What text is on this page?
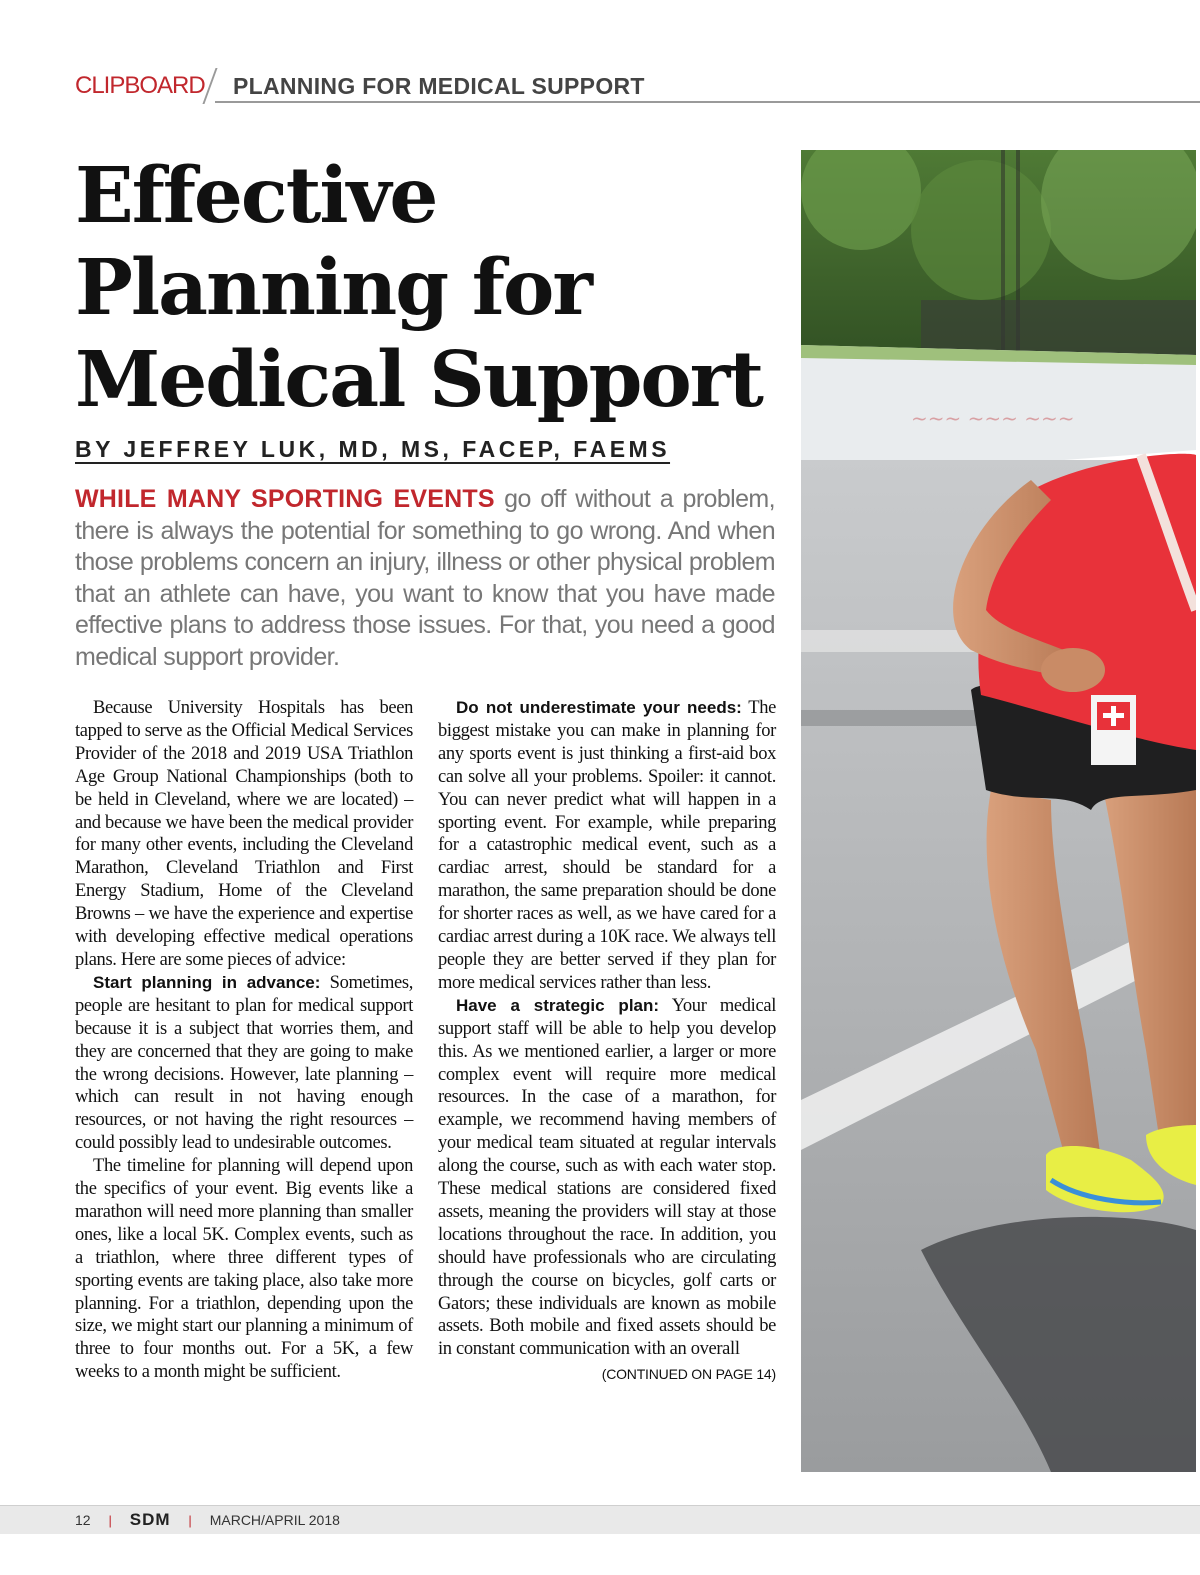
CLIPBOARD PLANNING FOR MEDICAL SUPPORT
Effective
Planning for
Medical Support
BY JEFFREY LUK, MD, MS, FACEP, FAEMS

WHILE MANY SPORTING EVENTS go off without a problem, there is always the potential for something to go wrong. And when those problems concern an injury, illness or other physical problem that an athlete can have, you want to know that you have made effective plans to address those issues. For that, you need a good medical support provider.

Because University Hospitals has been tapped to serve as the Official Medical Services Provider of the 2018 and 2019 USA Triathlon Age Group National Championships (both to be held in Cleveland, where we are located) – and because we have been the medical provider for many other events, including the Cleveland Marathon, Cleveland Triathlon and First Energy Stadium, Home of the Cleveland Browns – we have the experience and expertise with developing effective medical operations plans. Here are some pieces of advice:

Start planning in advance: Sometimes, people are hesitant to plan for medical support because it is a subject that worries them, and they are concerned that they are going to make the wrong decisions. However, late planning – which can result in not having enough resources, or not having the right resources – could possibly lead to undesirable outcomes.

The timeline for planning will depend upon the specifics of your event. Big events like a marathon will need more planning than smaller ones, like a local 5K. Complex events, such as a triathlon, where three different types of sporting events are taking place, also take more planning. For a triathlon, depending upon the size, we might start our planning a minimum of three to four months out. For a 5K, a few weeks to a month might be sufficient.

Do not underestimate your needs: The biggest mistake you can make in planning for any sports event is just thinking a first-aid box can solve all your problems. Spoiler: it cannot. You can never predict what will happen in a sporting event. For example, while preparing for a catastrophic medical event, such as a cardiac arrest, should be standard for a marathon, the same preparation should be done for shorter races as well, as we have cared for a cardiac arrest during a 10K race. We always tell people they are better served if they plan for more medical services rather than less.

Have a strategic plan: Your medical support staff will be able to help you develop this. As we mentioned earlier, a larger or more complex event will require more medical resources. In the case of a marathon, for example, we recommend having members of your medical team situated at regular intervals along the course, such as with each water stop. These medical stations are considered fixed assets, meaning the providers will stay at those locations throughout the race. In addition, you should have professionals who are circulating through the course on bicycles, golf carts or Gators; these individuals are known as mobile assets. Both mobile and fixed assets should be in constant communication with an overall
(CONTINUED ON PAGE 14)

~~~ ~~~ ~~~
12 | SDM | MARCH/APRIL 2018
